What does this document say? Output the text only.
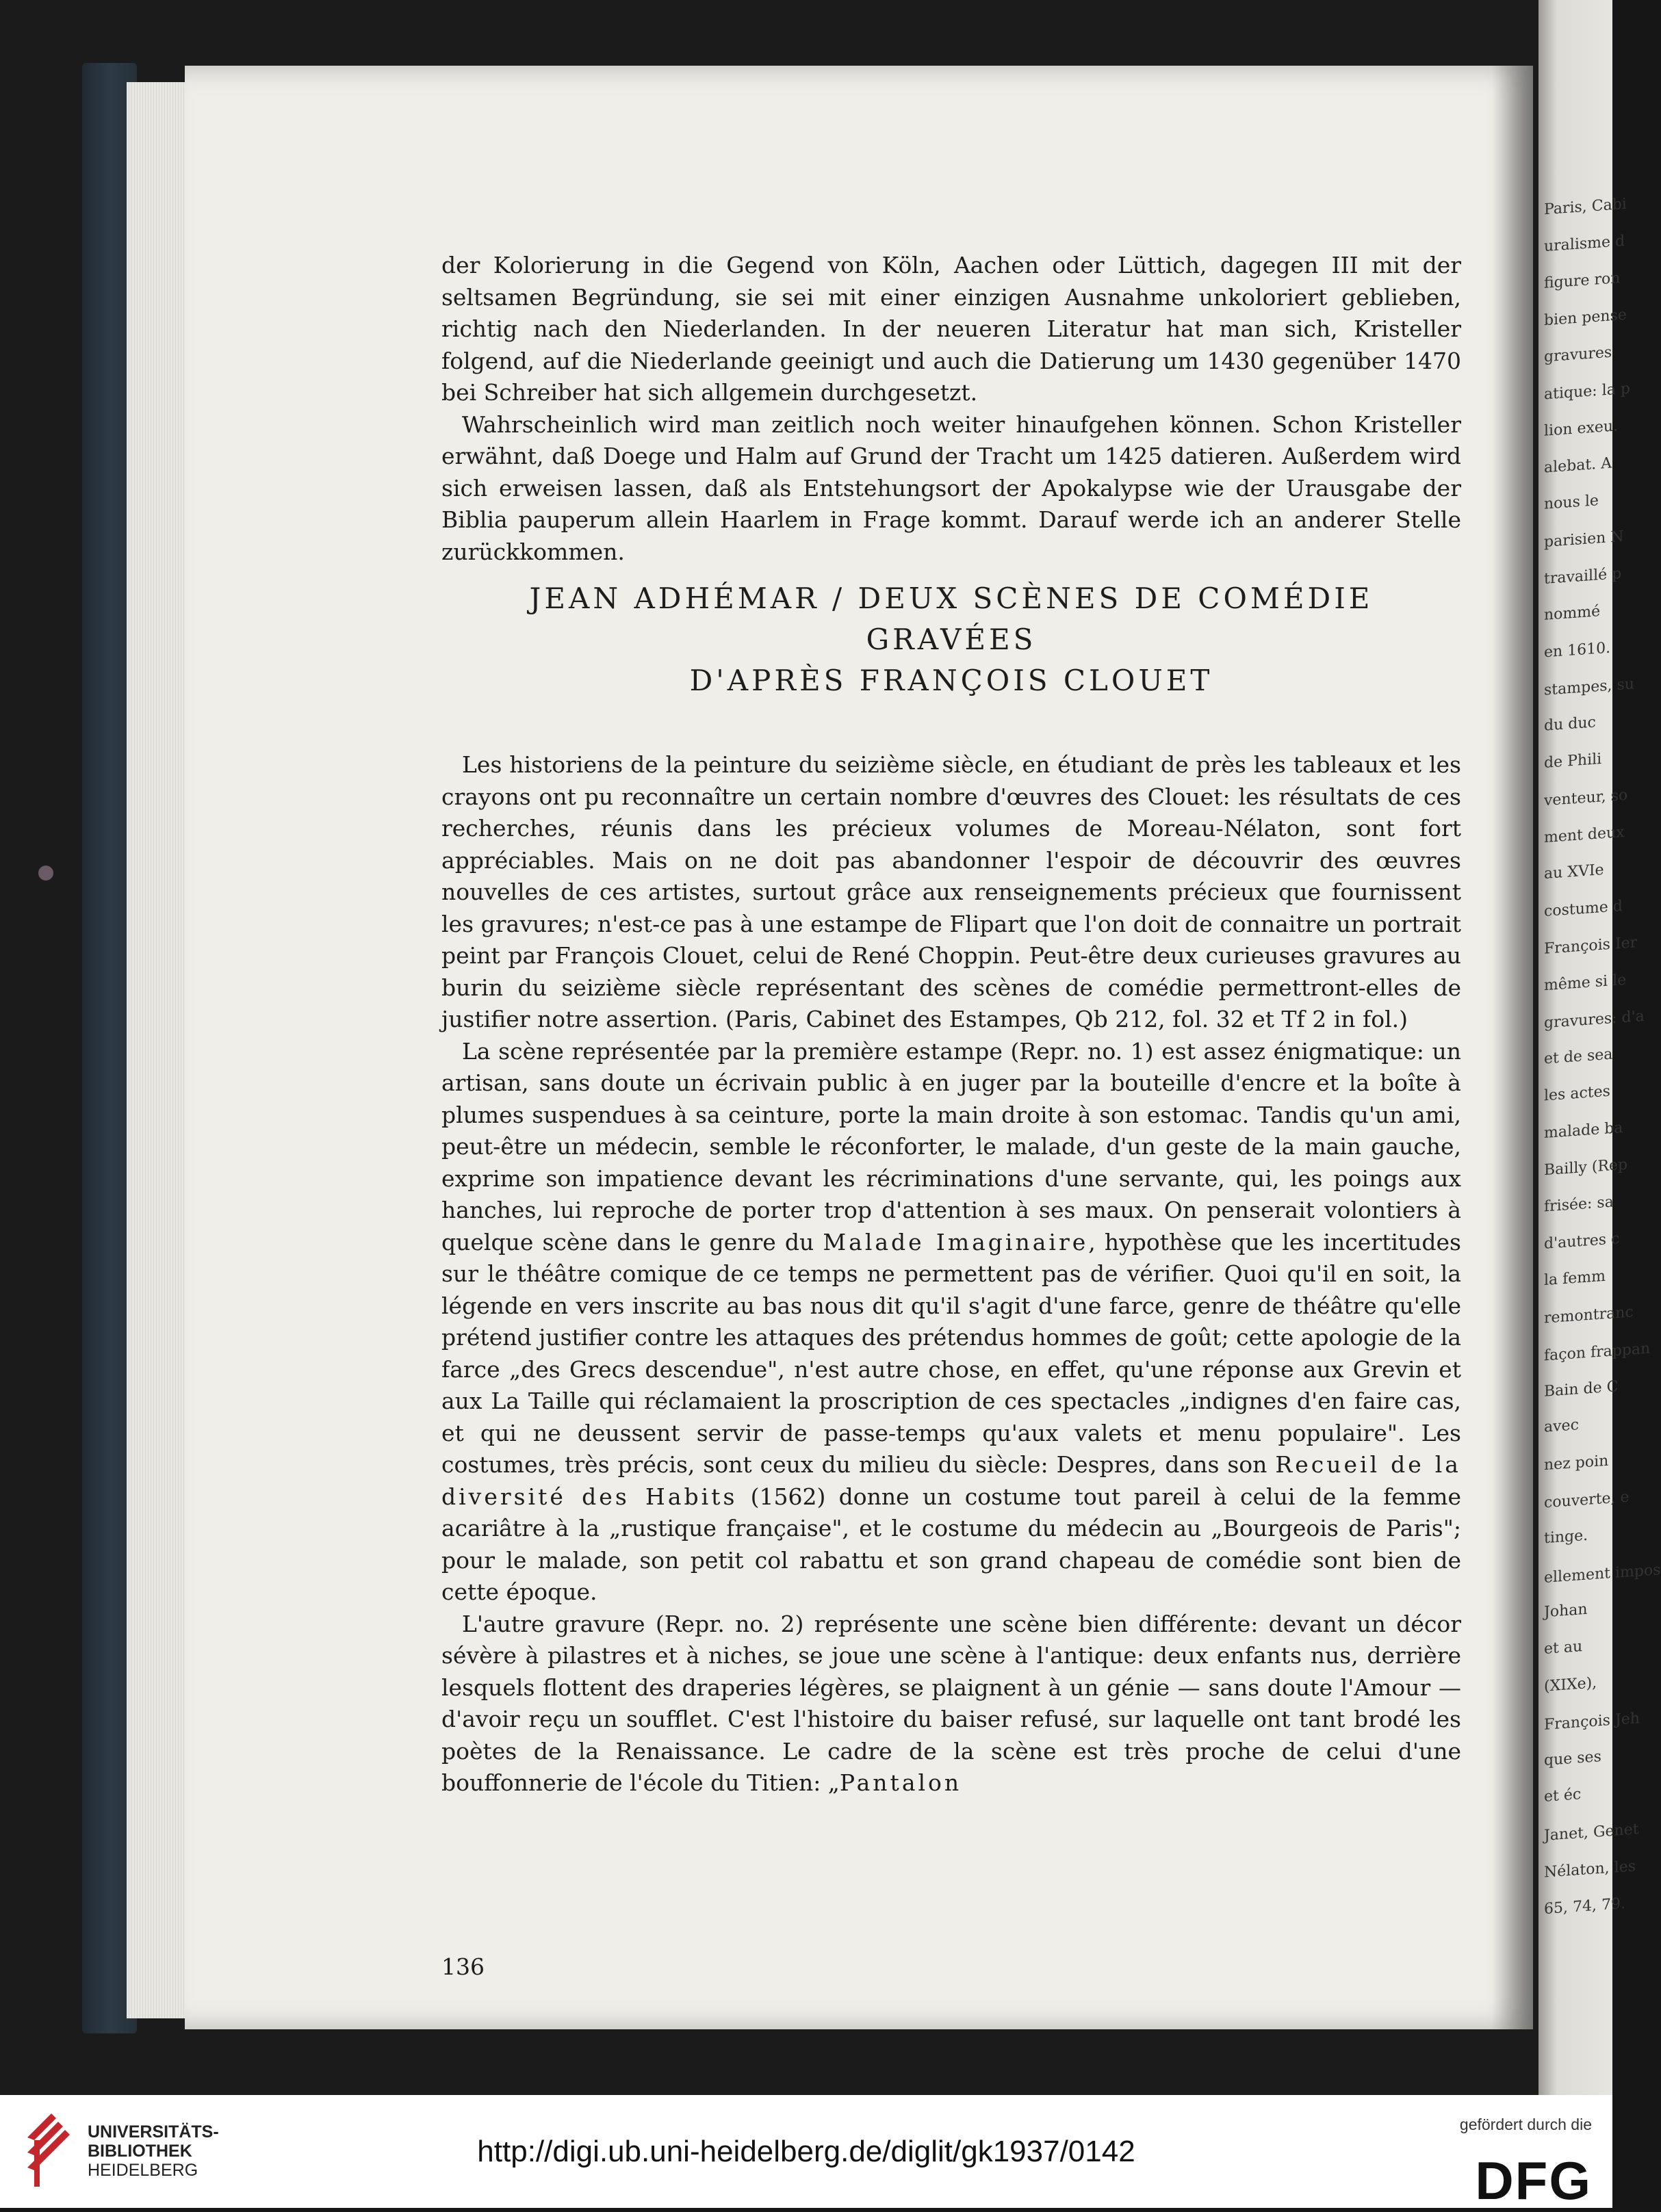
der Kolorierung in die Gegend von Köln, Aachen oder Lüttich, dagegen III mit der seltsamen Begründung, sie sei mit einer einzigen Ausnahme unkoloriert geblieben, richtig nach den Niederlanden. In der neueren Literatur hat man sich, Kristeller folgend, auf die Niederlande geeinigt und auch die Datierung um 1430 gegenüber 1470 bei Schreiber hat sich allgemein durchgesetzt.

Wahrscheinlich wird man zeitlich noch weiter hinaufgehen können. Schon Kristeller erwähnt, daß Doege und Halm auf Grund der Tracht um 1425 datieren. Außerdem wird sich erweisen lassen, daß als Entstehungsort der Apokalypse wie der Urausgabe der Biblia pauperum allein Haarlem in Frage kommt. Darauf werde ich an anderer Stelle zurückkommen.

JEAN ADHÉMAR / DEUX SCÈNES DE COMÉDIE GRAVÉES
D'APRÈS FRANÇOIS CLOUET

Les historiens de la peinture du seizième siècle, en étudiant de près les tableaux et les crayons ont pu reconnaître un certain nombre d'œuvres des Clouet: les résultats de ces recherches, réunis dans les précieux volumes de Moreau-Nélaton, sont fort appréciables. Mais on ne doit pas abandonner l'espoir de découvrir des œuvres nouvelles de ces artistes, surtout grâce aux renseignements précieux que fournissent les gravures; n'est-ce pas à une estampe de Flipart que l'on doit de connaitre un portrait peint par François Clouet, celui de René Choppin. Peut-être deux curieuses gravures au burin du seizième siècle représentant des scènes de comédie permettront-elles de justifier notre assertion. (Paris, Cabinet des Estampes, Qb 212, fol. 32 et Tf 2 in fol.)

La scène représentée par la première estampe (Repr. no. 1) est assez énigmatique: un artisan, sans doute un écrivain public à en juger par la bouteille d'encre et la boîte à plumes suspendues à sa ceinture, porte la main droite à son estomac. Tandis qu'un ami, peut-être un médecin, semble le réconforter, le malade, d'un geste de la main gauche, exprime son impatience devant les récriminations d'une servante, qui, les poings aux hanches, lui reproche de porter trop d'attention à ses maux. On penserait volontiers à quelque scène dans le genre du Malade Imaginaire, hypothèse que les incertitudes sur le théâtre comique de ce temps ne permettent pas de vérifier. Quoi qu'il en soit, la légende en vers inscrite au bas nous dit qu'il s'agit d'une farce, genre de théâtre qu'elle prétend justifier contre les attaques des prétendus hommes de goût; cette apologie de la farce „des Grecs descendue", n'est autre chose, en effet, qu'une réponse aux Grevin et aux La Taille qui réclamaient la proscription de ces spectacles „indignes d'en faire cas, et qui ne deussent servir de passe-temps qu'aux valets et menu populaire". Les costumes, très précis, sont ceux du milieu du siècle: Despres, dans son Recueil de la diversité des Habits (1562) donne un costume tout pareil à celui de la femme acariâtre à la „rustique française", et le costume du médecin au „Bourgeois de Paris"; pour le malade, son petit col rabattu et son grand chapeau de comédie sont bien de cette époque.

L'autre gravure (Repr. no. 2) représente une scène bien différente: devant un décor sévère à pilastres et à niches, se joue une scène à l'antique: deux enfants nus, derrière lesquels flottent des draperies légères, se plaignent à un génie — sans doute l'Amour — d'avoir reçu un soufflet. C'est l'histoire du baiser refusé, sur laquelle ont tant brodé les poètes de la Renaissance. Le cadre de la scène est très proche de celui d'une bouffonnerie de l'école du Titien: „Pantalon

136
Paris, Cabi
uralisme d
figure ron
bien pense
gravures
atique: la p
lion exeu.
alebat. A
nous le
parisien N
travaillé p
nommé
en 1610.
stampes, su
du duc
de Phili
venteur, so
ment deux
au XVIe
costume d
François Ier
même si le
gravures: d'a
et de sea
les actes
malade ba
Bailly (Rep
frisée: sa
d'autres c
la femm
remontranc
façon frappan
Bain de C
avec
nez poin
couverte, e
tinge.
ellement impos
Johan
et au
(XIXe),
François Jeh
que ses
et éc
Janet, Genet
Nélaton, les
65, 74, 79.
UNIVERSITÄTS-
BIBLIOTHEK
HEIDELBERG
http://digi.ub.uni-heidelberg.de/diglit/gk1937/0142
gefördert durch die
DFG
